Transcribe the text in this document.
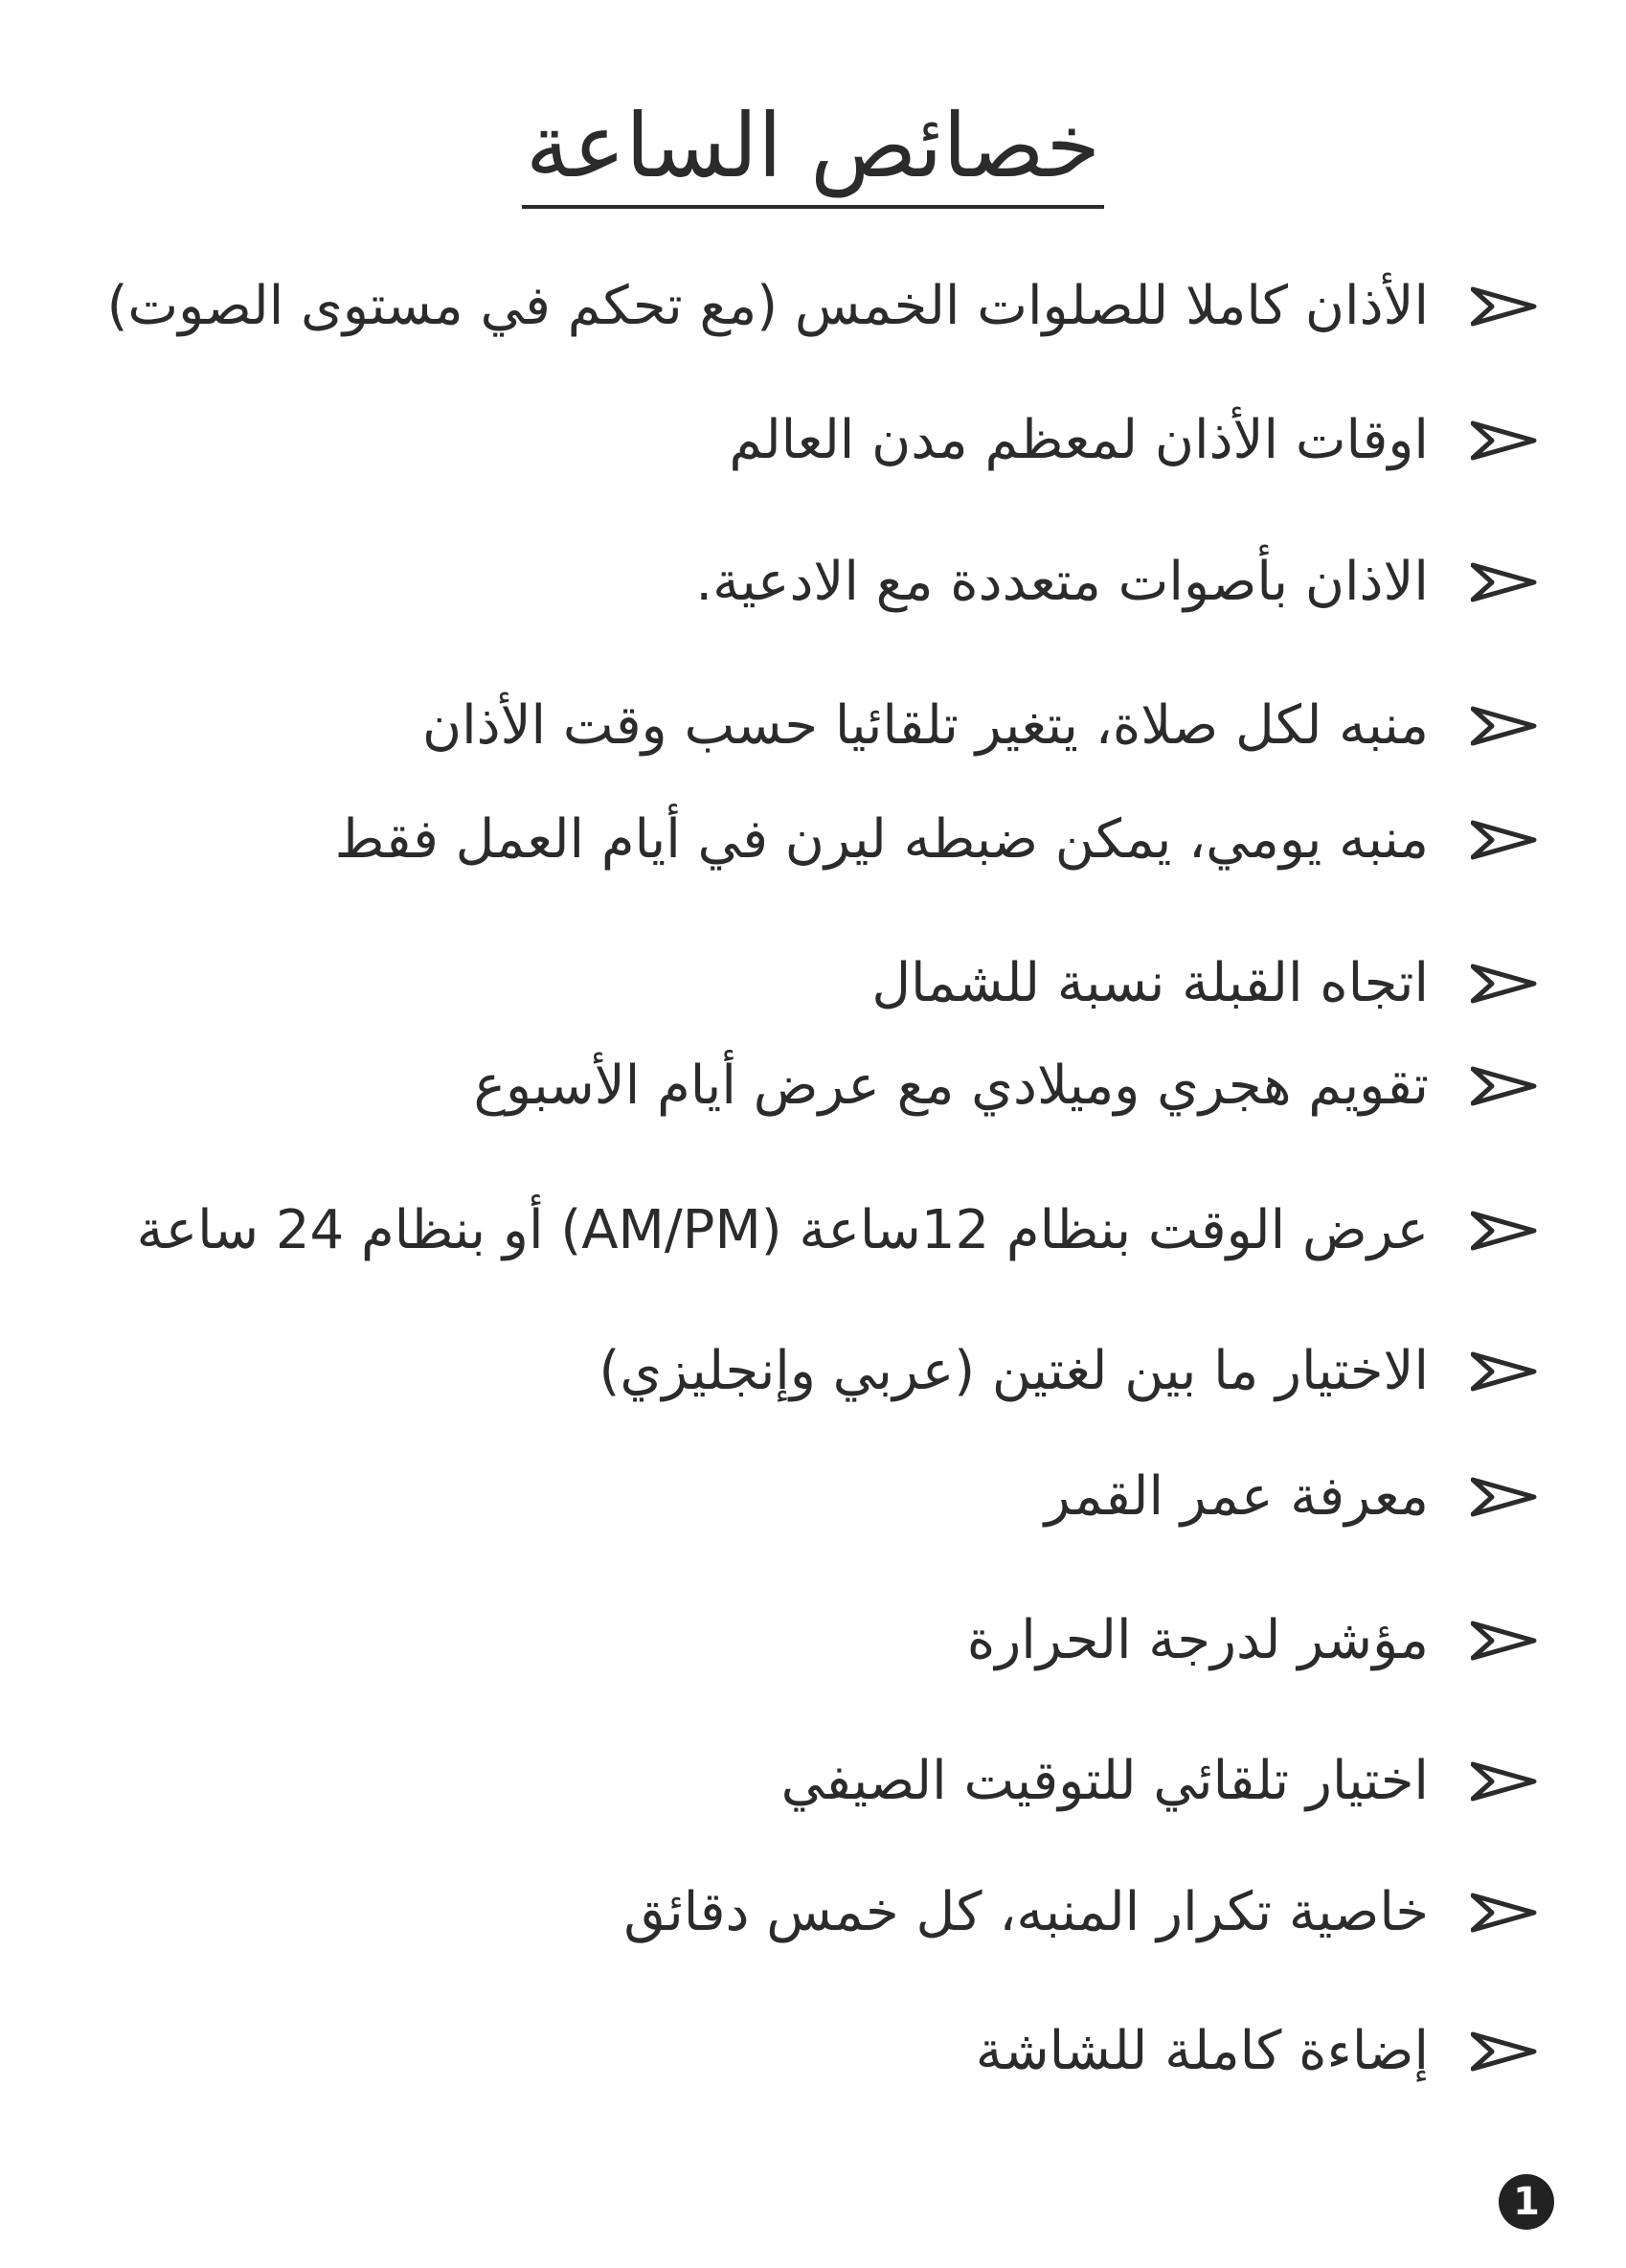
خصائص الساعة
الأذان كاملا للصلوات الخمس (مع تحكم في مستوى الصوت)
اوقات الأذان لمعظم مدن العالم
الاذان بأصوات متعددة مع الادعية.
منبه لكل صلاة، يتغير تلقائيا حسب وقت الأذان
منبه يومي، يمكن ضبطه ليرن في أيام العمل فقط
اتجاه القبلة نسبة للشمال
تقويم هجري وميلادي مع عرض أيام الأسبوع
عرض الوقت بنظام 12ساعة (AM/PM) أو بنظام 24 ساعة
الاختيار ما بين لغتين (عربي وإنجليزي)
معرفة عمر القمر
مؤشر لدرجة الحرارة
اختيار تلقائي للتوقيت الصيفي
خاصية تكرار المنبه، كل خمس دقائق
إضاءة كاملة للشاشة
1
